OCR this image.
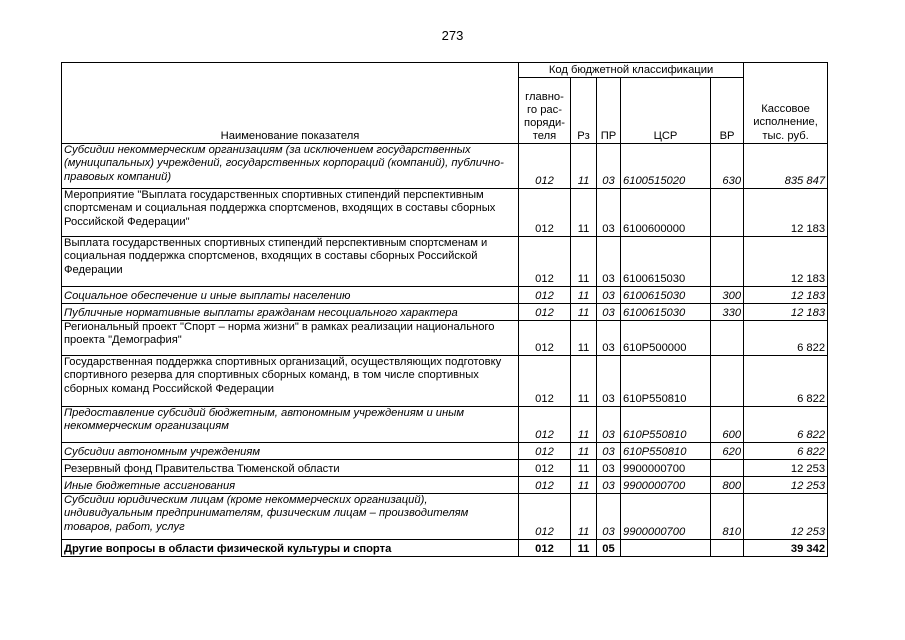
273
Наименование показателя	Код бюджетной классификации					Кассовое исполнение, тыс. руб.
	главно-
го рас-
поряди-
теля	Рз	ПР	ЦСР	ВР	
Субсидии некоммерческим организациям (за исключением государственных (муниципальных) учреждений, государственных корпораций (компаний), публично-правовых компаний)	012	11	03	6100515020	630	835 847
Мероприятие "Выплата государственных спортивных стипендий перспективным спортсменам и социальная поддержка спортсменов, входящих в составы сборных Российской Федерации"	012	11	03	6100600000		12 183
Выплата государственных спортивных стипендий перспективным спортсменам и социальная поддержка спортсменов, входящих в составы сборных Российской Федерации	012	11	03	6100615030		12 183
Социальное обеспечение и иные выплаты населению	012	11	03	6100615030	300	12 183
Публичные нормативные выплаты гражданам несоциального характера	012	11	03	6100615030	330	12 183
Региональный проект "Спорт – норма жизни" в рамках реализации национального проекта "Демография"	012	11	03	610P500000		6 822
Государственная поддержка спортивных организаций, осуществляющих подготовку спортивного резерва для спортивных сборных команд, в том числе спортивных сборных команд Российской Федерации	012	11	03	610P550810		6 822
Предоставление субсидий бюджетным, автономным учреждениям и иным некоммерческим организациям	012	11	03	610P550810	600	6 822
Субсидии автономным учреждениям	012	11	03	610P550810	620	6 822
Резервный фонд Правительства Тюменской области	012	11	03	9900000700		12 253
Иные бюджетные ассигнования	012	11	03	9900000700	800	12 253
Субсидии юридическим лицам (кроме некоммерческих организаций), индивидуальным предпринимателям, физическим лицам – производителям товаров, работ, услуг	012	11	03	9900000700	810	12 253
Другие вопросы в области физической культуры и спорта	012	11	05			39 342
